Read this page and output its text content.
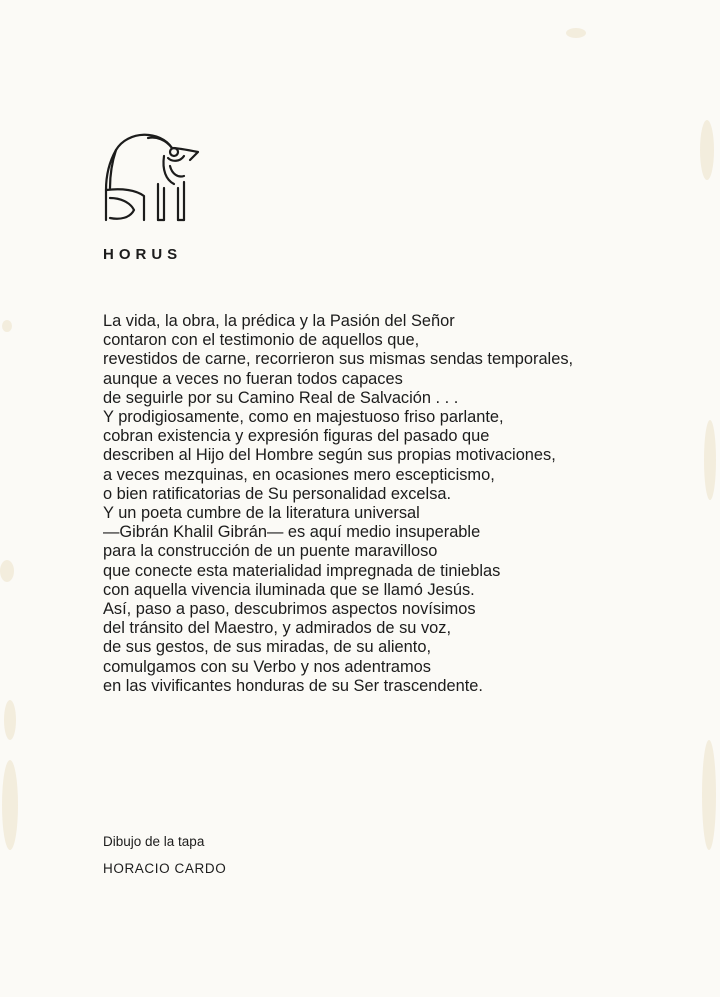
HORUS
La vida, la obra, la prédica y la Pasión del Señor
contaron con el testimonio de aquellos que,
revestidos de carne, recorrieron sus mismas sendas temporales,
aunque a veces no fueran todos capaces
de seguirle por su Camino Real de Salvación . . .
Y prodigiosamente, como en majestuoso friso parlante,
cobran existencia y expresión figuras del pasado que
describen al Hijo del Hombre según sus propias motivaciones,
a veces mezquinas, en ocasiones mero escepticismo,
o bien ratificatorias de Su personalidad excelsa.
Y un poeta cumbre de la literatura universal
—Gibrán Khalil Gibrán— es aquí medio insuperable
para la construcción de un puente maravilloso
que conecte esta materialidad impregnada de tinieblas
con aquella vivencia iluminada que se llamó Jesús.
Así, paso a paso, descubrimos aspectos novísimos
del tránsito del Maestro, y admirados de su voz,
de sus gestos, de sus miradas, de su aliento,
comulgamos con su Verbo y nos adentramos
en las vivificantes honduras de su Ser trascendente.
Dibujo de la tapa
HORACIO CARDO
